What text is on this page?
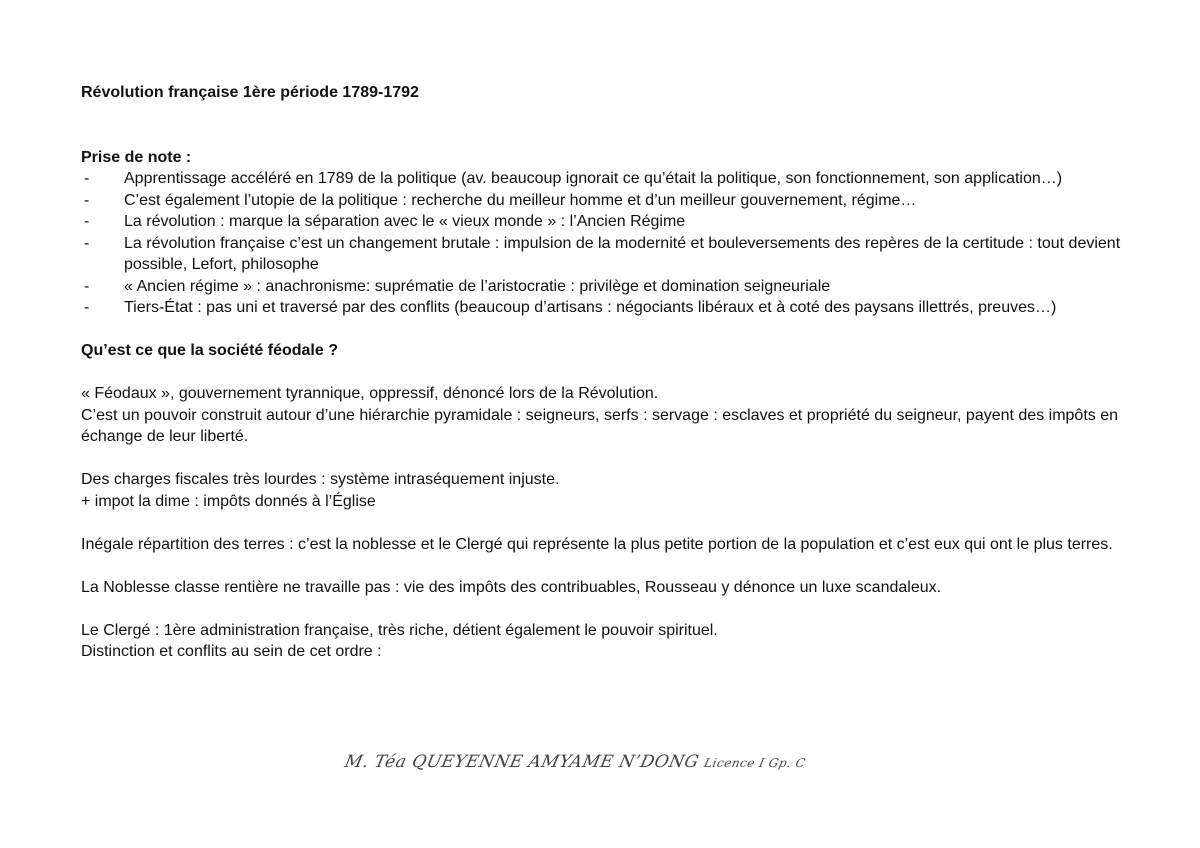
Révolution française 1ère période 1789-1792

Prise de note :

- Apprentissage accéléré en 1789 de la politique (av. beaucoup ignorait ce qu’était la politique, son fonctionnement, son application…)
- C’est également l’utopie de la politique : recherche du meilleur homme et d’un meilleur gouvernement, régime…
- La révolution : marque la séparation avec le « vieux monde » : l’Ancien Régime
- La révolution française c’est un changement brutale : impulsion de la modernité et bouleversements des repères de la certitude : tout devient possible, Lefort, philosophe
- « Ancien régime » : anachronisme: suprématie de l’aristocratie : privilège et domination seigneuriale
- Tiers-État : pas uni et traversé par des conflits (beaucoup d’artisans : négociants libéraux et à coté des paysans illettrés, preuves…)

Qu’est ce que la société féodale ?

« Féodaux », gouvernement tyrannique, oppressif, dénoncé lors de la Révolution.

C’est un pouvoir construit autour d’une hiérarchie pyramidale : seigneurs, serfs : servage : esclaves et propriété du seigneur, payent des impôts en échange de leur liberté.

Des charges fiscales très lourdes : système intraséquement injuste.

+ impot la dime : impôts donnés à l’Église

Inégale répartition des terres : c’est la noblesse et le Clergé qui représente la plus petite portion de la population et c’est eux qui ont le plus terres.

La Noblesse classe rentière ne travaille pas : vie des impôts des contribuables, Rousseau y dénonce un luxe scandaleux.

Le Clergé : 1ère administration française, très riche, détient également le pouvoir spirituel.

Distinction et conflits au sein de cet ordre :

M. Téa QUEYENNE AMYAME N’DONG Licence I Gp. C
